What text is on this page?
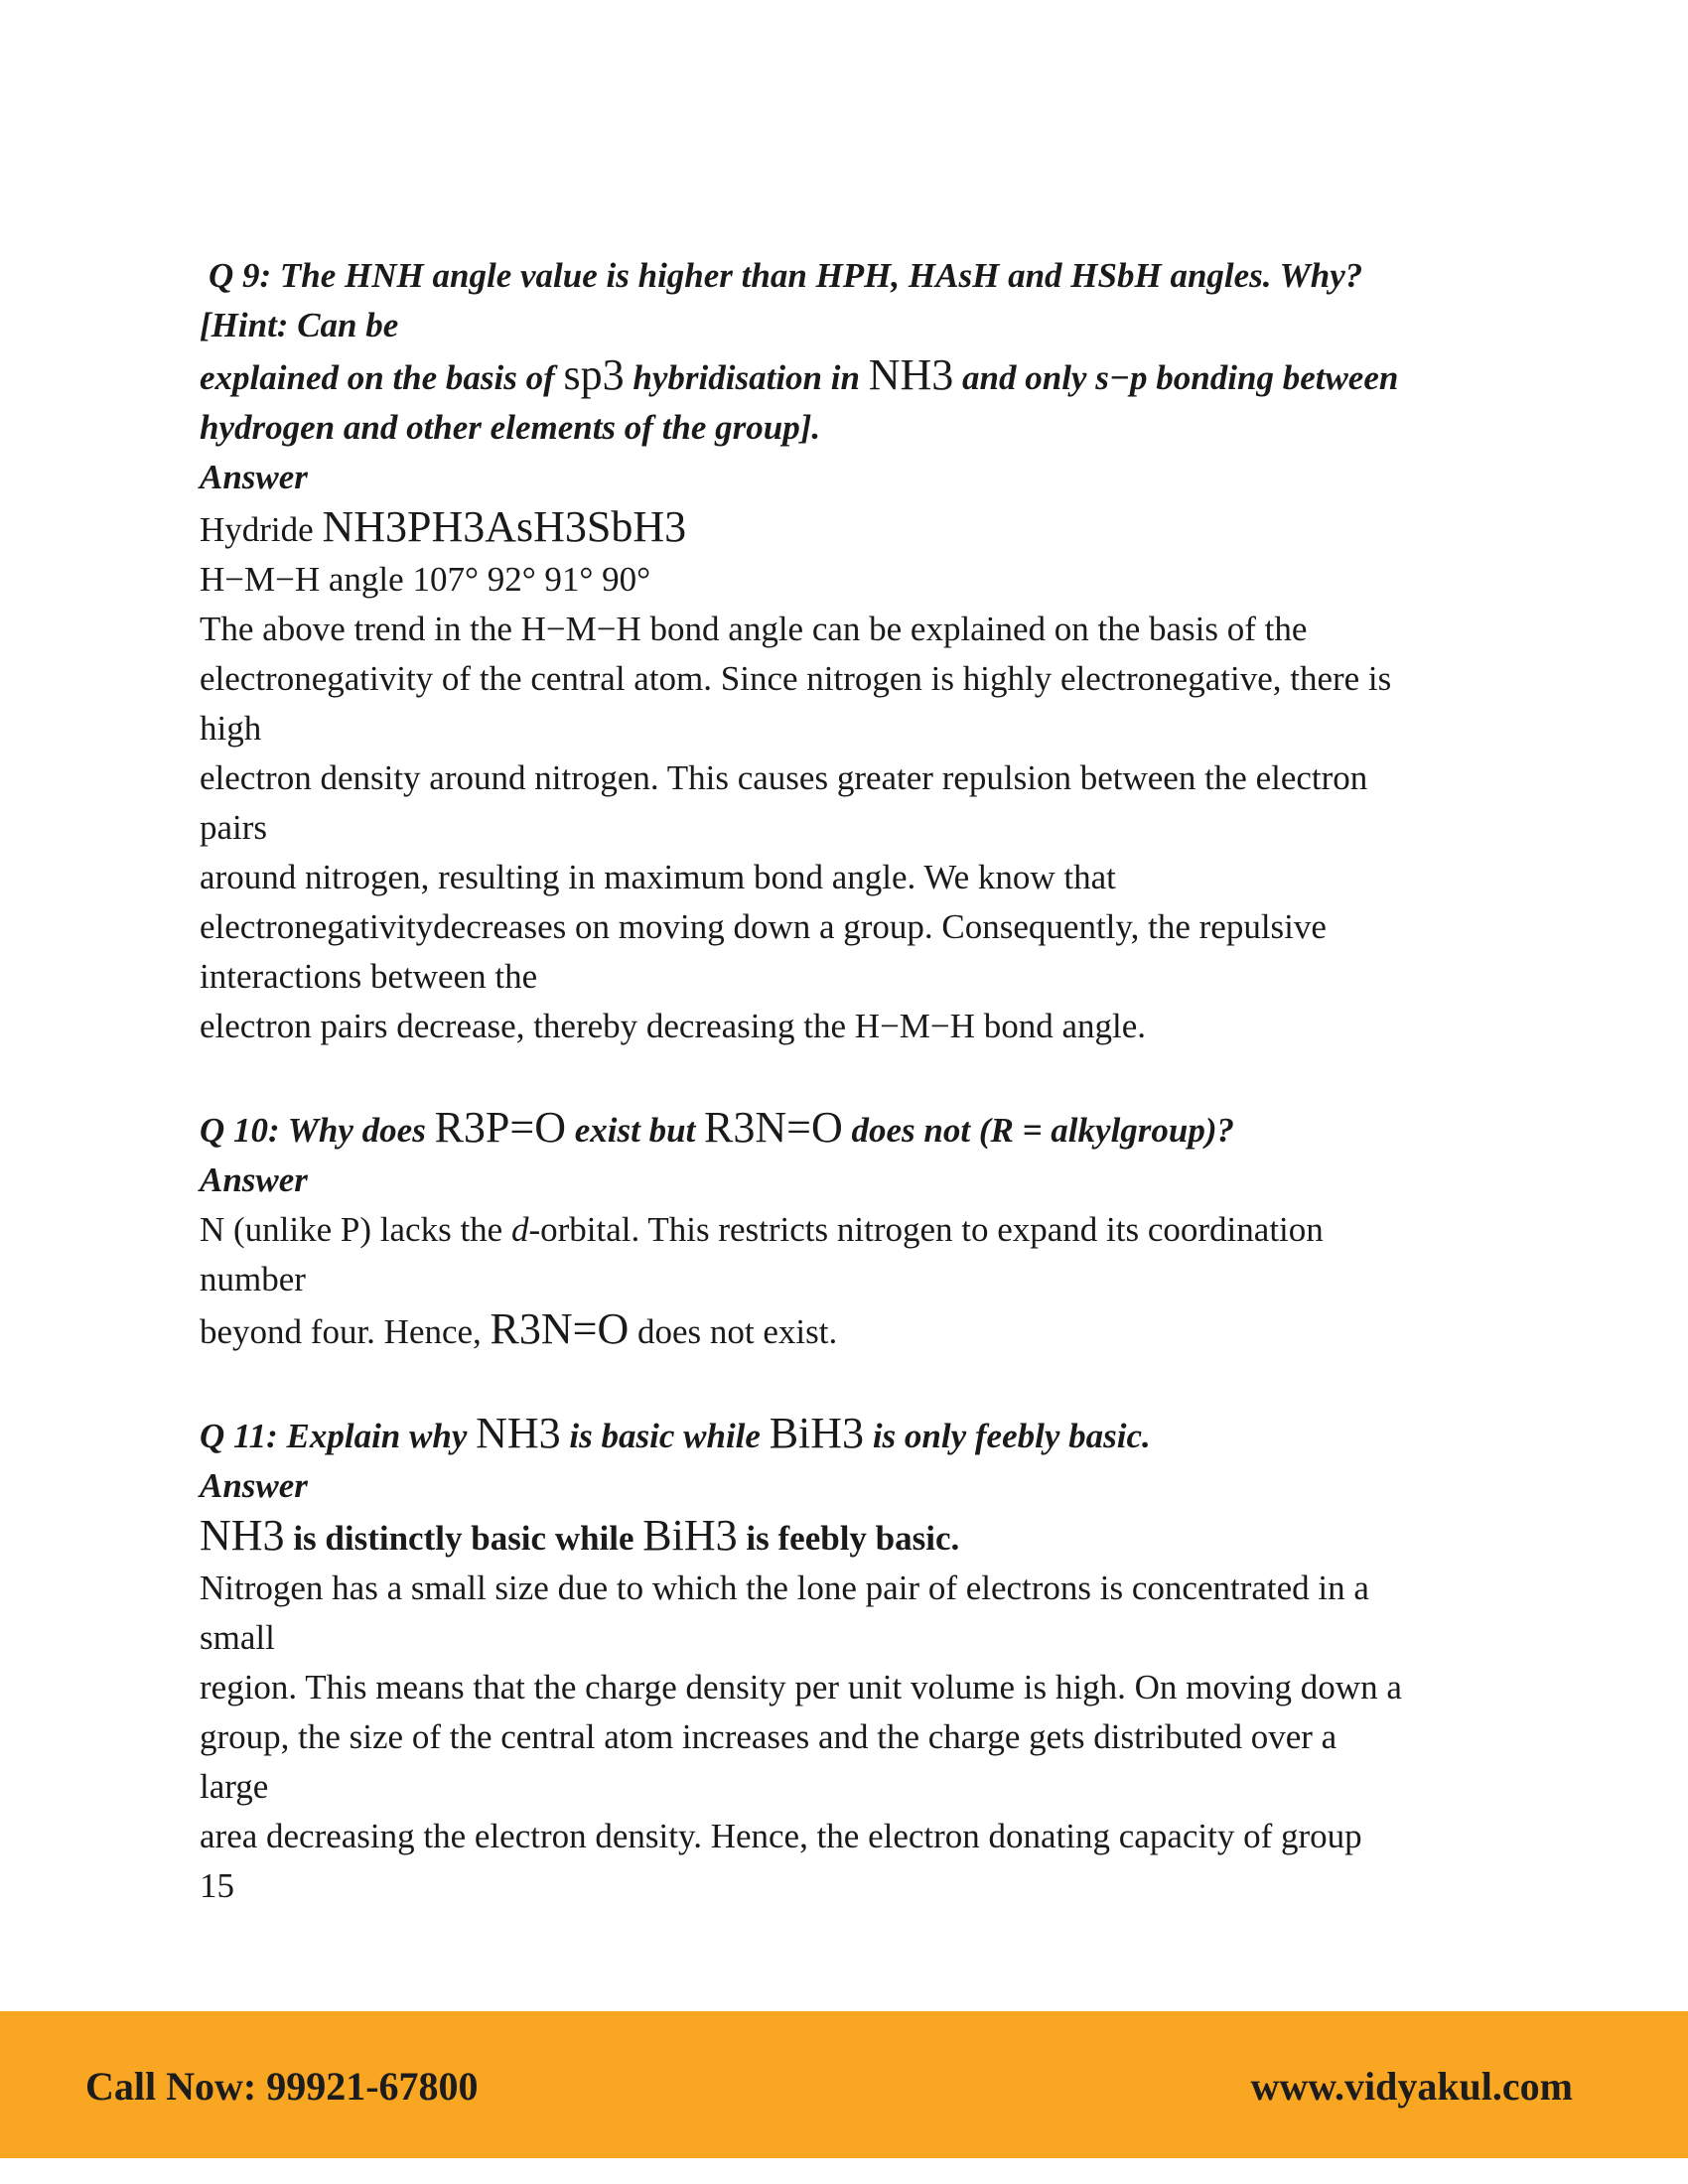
Q 9: The HNH angle value is higher than HPH, HAsH and HSbH angles. Why?
[Hint: Can be
explained on the basis of sp3 hybridisation in NH3 and only s−p bonding between
hydrogen and other elements of the group].
Answer
Hydride NH3PH3AsH3SbH3
H−M−H angle 107° 92° 91° 90°
The above trend in the H−M−H bond angle can be explained on the basis of the
electronegativity of the central atom. Since nitrogen is highly electronegative, there is
high
electron density around nitrogen. This causes greater repulsion between the electron
pairs
around nitrogen, resulting in maximum bond angle. We know that
electronegativitydecreases on moving down a group. Consequently, the repulsive
interactions between the
electron pairs decrease, thereby decreasing the H−M−H bond angle.
Q 10: Why does R3P=O exist but R3N=O does not (R = alkylgroup)?
Answer
N (unlike P) lacks the d-orbital. This restricts nitrogen to expand its coordination
number
beyond four. Hence, R3N=O does not exist.
Q 11: Explain why NH3 is basic while BiH3 is only feebly basic.
Answer
NH3 is distinctly basic while BiH3 is feebly basic.
Nitrogen has a small size due to which the lone pair of electrons is concentrated in a
small
region. This means that the charge density per unit volume is high. On moving down a
group, the size of the central atom increases and the charge gets distributed over a
large
area decreasing the electron density. Hence, the electron donating capacity of group
15
Call Now: 99921-67800	www.vidyakul.com
